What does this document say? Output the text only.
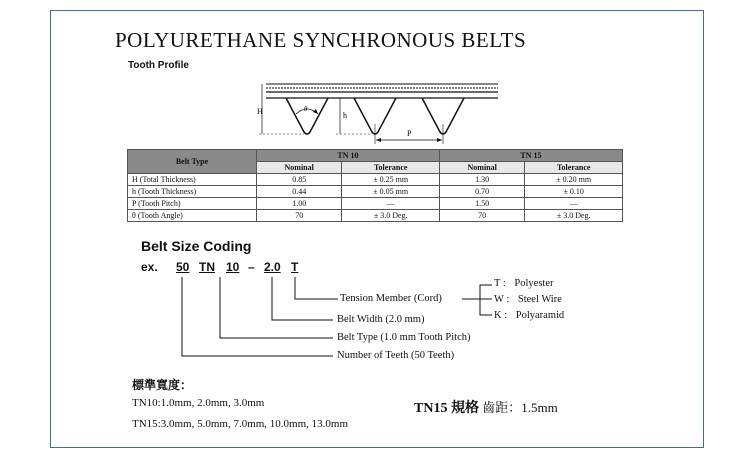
POLYURETHANE SYNCHRONOUS BELTS
Tooth Profile
H	h
θ
P
Belt Type	TN 10		TN 15	
	Nominal	Tolerance	Nominal	Tolerance
H (Total Thickness)	0.85	± 0.25 mm	1.30	± 0.20 mm
h (Tooth Thickness)	0.44	± 0.05 mm	0.70	± 0.10
P (Tooth Pitch)	1.00	—	1.50	—
θ (Tooth Angle)	70	± 3.0 Deg.	70	± 3.0 Deg.
Belt Size Coding
ex. 50 TN 10 – 2.0 T
Tension Member (Cord)
Belt Width (2.0 mm)
Belt Type (1.0 mm Tooth Pitch)
Number of Teeth (50 Teeth)
T : Polyester
W : Steel Wire
K : Polyaramid
標準寬度：
TN10:1.0mm, 2.0mm, 3.0mm
TN15:3.0mm, 5.0mm, 7.0mm, 10.0mm, 13.0mm
TN15 規格 齒距：1.5mm
